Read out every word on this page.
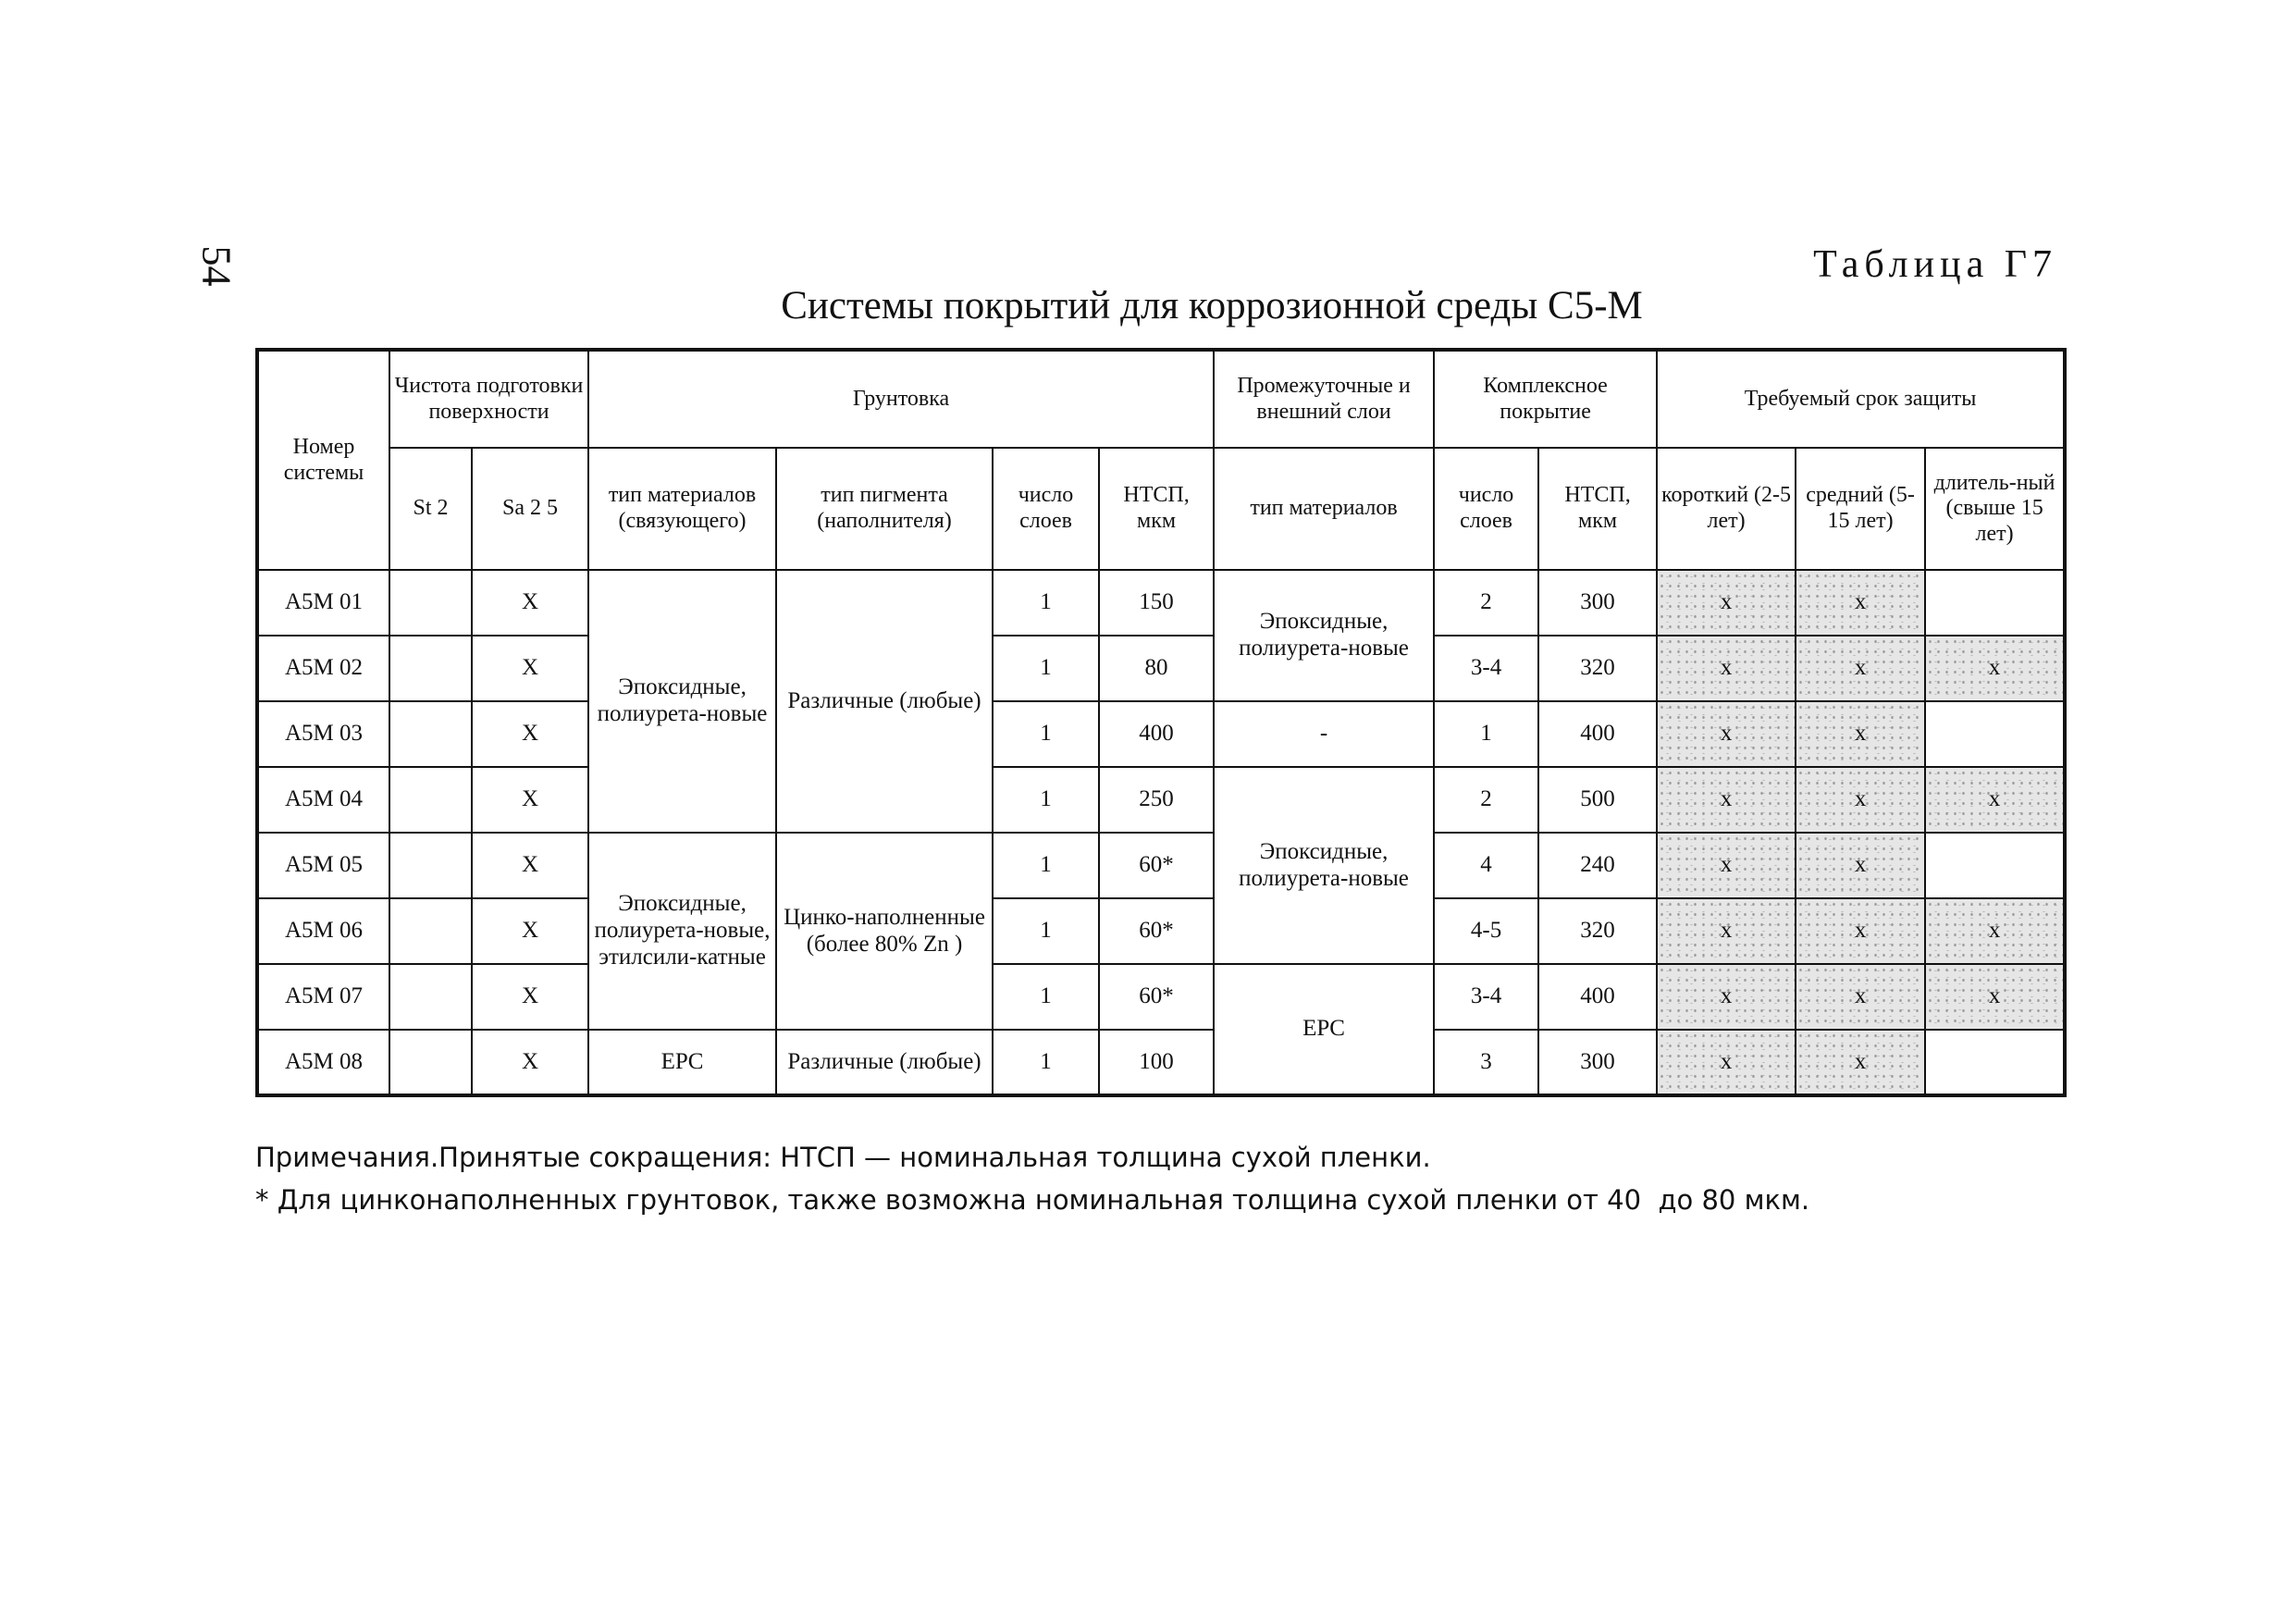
54	Таблица Г7
Системы покрытий для коррозионной среды С5-М
Номер системы	Чистота подготовки поверхности		Грунтовка				Промежуточные и внешний слои	Комплексное покрытие		Требуемый срок защиты		
	St 2	Sa 2 5	тип материалов (связующего)	тип пигмента (наполнителя)	число слоев	НТСП, мкм	тип материалов	число слоев	НТСП, мкм	короткий (2-5 лет)	средний (5-15 лет)	длитель-ный (свыше 15 лет)
A5M 01		X	Эпоксидные, полиурета-новые	Различные (любые)	1	150	Эпоксидные, полиурета-новые	2	300	x	x	
A5M 02		X			1	80		3-4	320	x	x	x
A5M 03		X			1	400	-	1	400	x	x	
A5M 04		X			1	250	Эпоксидные, полиурета-новые	2	500	x	x	x
A5M 05		X	Эпоксидные, полиурета-новые, этилсили-катные	Цинко-наполненные (более 80% Zn )	1	60*		4	240	x	x	
A5M 06		X			1	60*		4-5	320	x	x	x
A5M 07		X			1	60*	EPC	3-4	400	x	x	x
A5M 08		X	EPC	Различные (любые)	1	100		3	300	x	x	
Примечания.Принятые сокращения: НТСП — номинальная толщина сухой пленки.
* Для цинконаполненных грунтовок, также возможна номинальная толщина сухой пленки от 40  до 80 мкм.
